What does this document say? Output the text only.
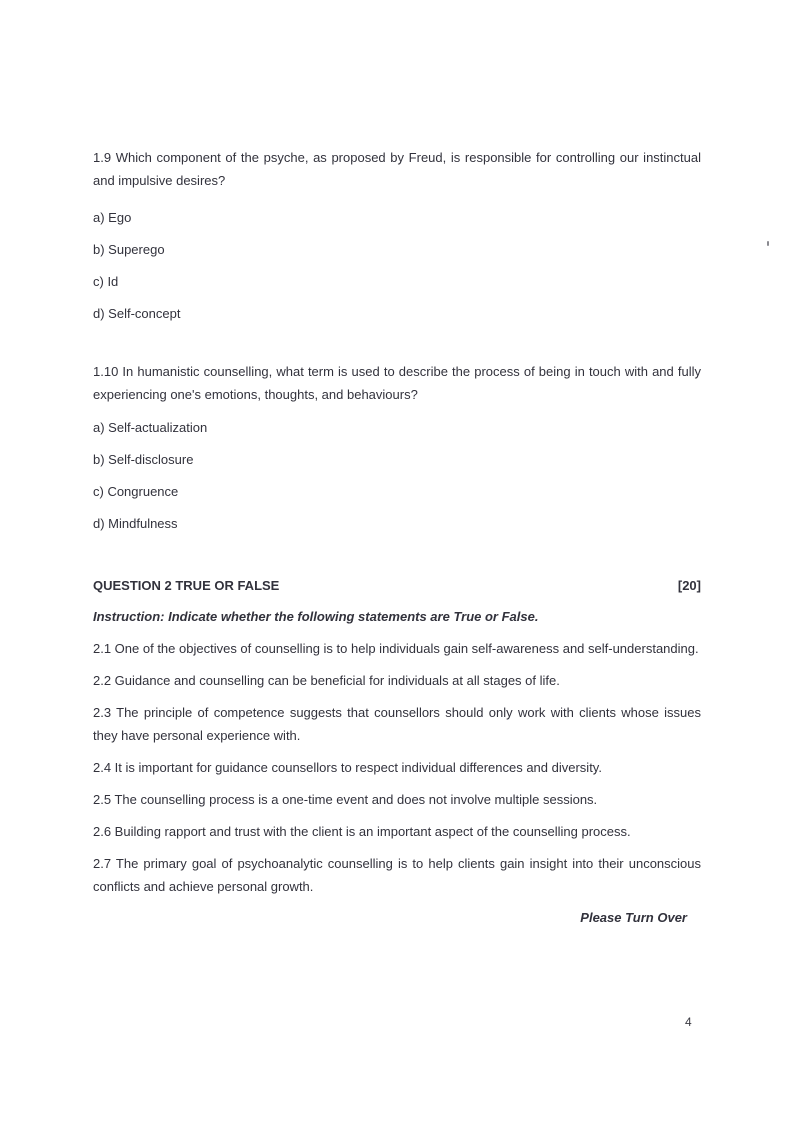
1.9 Which component of the psyche, as proposed by Freud, is responsible for controlling our instinctual and impulsive desires?

a) Ego

b) Superego

c) Id

d) Self-concept

1.10 In humanistic counselling, what term is used to describe the process of being in touch with and fully experiencing one's emotions, thoughts, and behaviours?

a) Self-actualization

b) Self-disclosure

c) Congruence

d) Mindfulness

QUESTION 2 TRUE OR FALSE	[20]

Instruction: Indicate whether the following statements are True or False.

2.1 One of the objectives of counselling is to help individuals gain self-awareness and self-understanding.

2.2 Guidance and counselling can be beneficial for individuals at all stages of life.

2.3 The principle of competence suggests that counsellors should only work with clients whose issues they have personal experience with.

2.4 It is important for guidance counsellors to respect individual differences and diversity.

2.5 The counselling process is a one-time event and does not involve multiple sessions.

2.6 Building rapport and trust with the client is an important aspect of the counselling process.

2.7 The primary goal of psychoanalytic counselling is to help clients gain insight into their unconscious conflicts and achieve personal growth.

Please Turn Over

4
